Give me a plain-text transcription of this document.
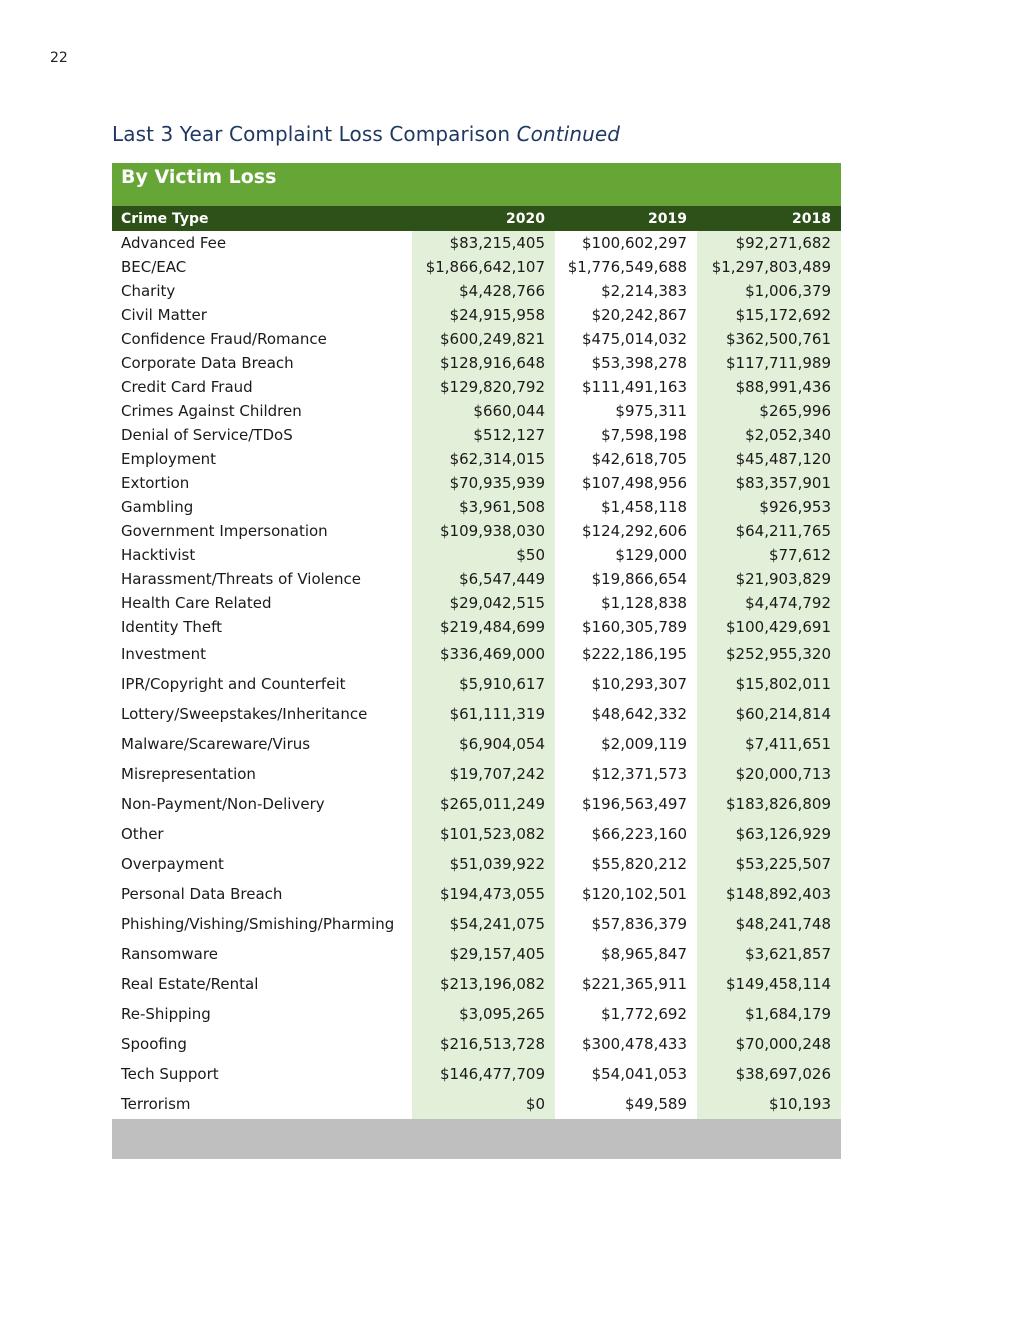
22
Last 3 Year Complaint Loss Comparison Continued
By Victim Loss
Crime Type	2020	2019	2018
Advanced Fee	$83,215,405	$100,602,297	$92,271,682
BEC/EAC	$1,866,642,107	$1,776,549,688	$1,297,803,489
Charity	$4,428,766	$2,214,383	$1,006,379
Civil Matter	$24,915,958	$20,242,867	$15,172,692
Confidence Fraud/Romance	$600,249,821	$475,014,032	$362,500,761
Corporate Data Breach	$128,916,648	$53,398,278	$117,711,989
Credit Card Fraud	$129,820,792	$111,491,163	$88,991,436
Crimes Against Children	$660,044	$975,311	$265,996
Denial of Service/TDoS	$512,127	$7,598,198	$2,052,340
Employment	$62,314,015	$42,618,705	$45,487,120
Extortion	$70,935,939	$107,498,956	$83,357,901
Gambling	$3,961,508	$1,458,118	$926,953
Government Impersonation	$109,938,030	$124,292,606	$64,211,765
Hacktivist	$50	$129,000	$77,612
Harassment/Threats of Violence	$6,547,449	$19,866,654	$21,903,829
Health Care Related	$29,042,515	$1,128,838	$4,474,792
Identity Theft	$219,484,699	$160,305,789	$100,429,691
Investment	$336,469,000	$222,186,195	$252,955,320
IPR/Copyright and Counterfeit	$5,910,617	$10,293,307	$15,802,011
Lottery/Sweepstakes/Inheritance	$61,111,319	$48,642,332	$60,214,814
Malware/Scareware/Virus	$6,904,054	$2,009,119	$7,411,651
Misrepresentation	$19,707,242	$12,371,573	$20,000,713
Non-Payment/Non-Delivery	$265,011,249	$196,563,497	$183,826,809
Other	$101,523,082	$66,223,160	$63,126,929
Overpayment	$51,039,922	$55,820,212	$53,225,507
Personal Data Breach	$194,473,055	$120,102,501	$148,892,403
Phishing/Vishing/Smishing/Pharming	$54,241,075	$57,836,379	$48,241,748
Ransomware	$29,157,405	$8,965,847	$3,621,857
Real Estate/Rental	$213,196,082	$221,365,911	$149,458,114
Re-Shipping	$3,095,265	$1,772,692	$1,684,179
Spoofing	$216,513,728	$300,478,433	$70,000,248
Tech Support	$146,477,709	$54,041,053	$38,697,026
Terrorism	$0	$49,589	$10,193
